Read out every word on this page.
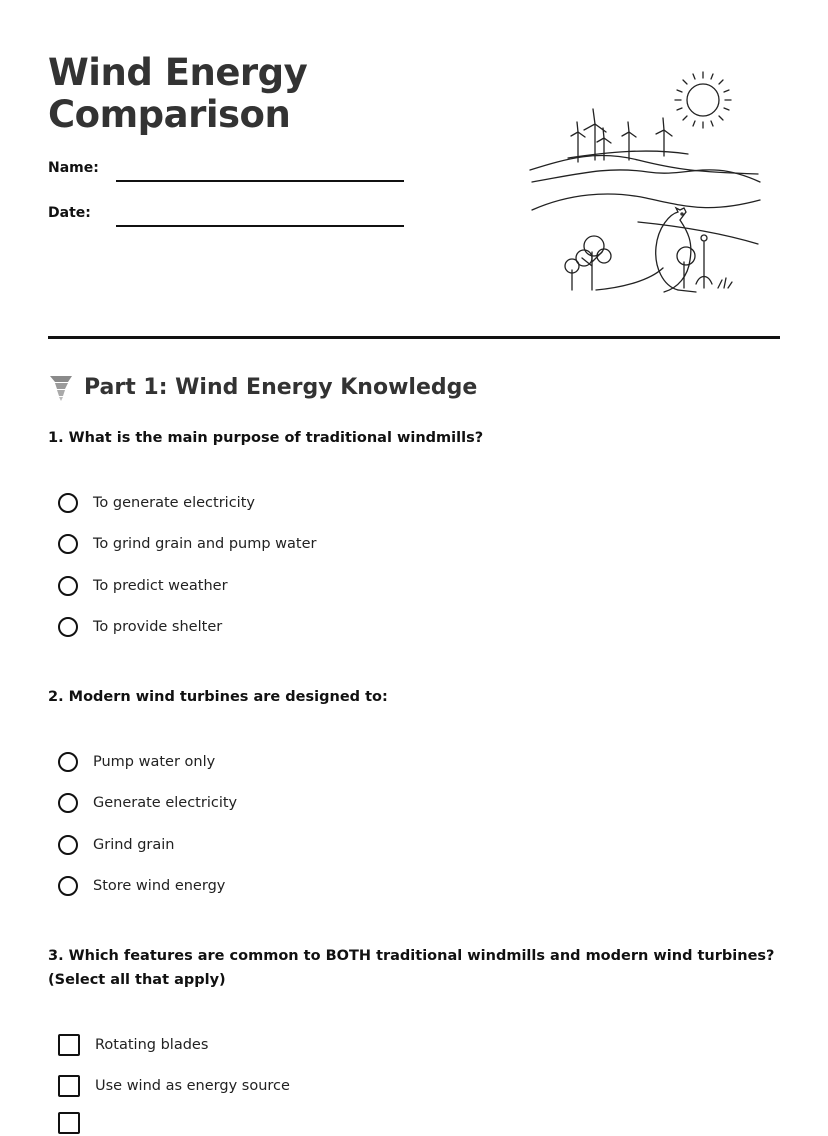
Wind Energy
Comparison
Name:
Date:
Part 1: Wind Energy Knowledge

1. What is the main purpose of traditional windmills?

To generate electricity
To grind grain and pump water
To predict weather
To provide shelter

2. Modern wind turbines are designed to:

Pump water only
Generate electricity
Grind grain
Store wind energy

3. Which features are common to BOTH traditional windmills and modern wind turbines? (Select all that apply)

Rotating blades
Use wind as energy source
